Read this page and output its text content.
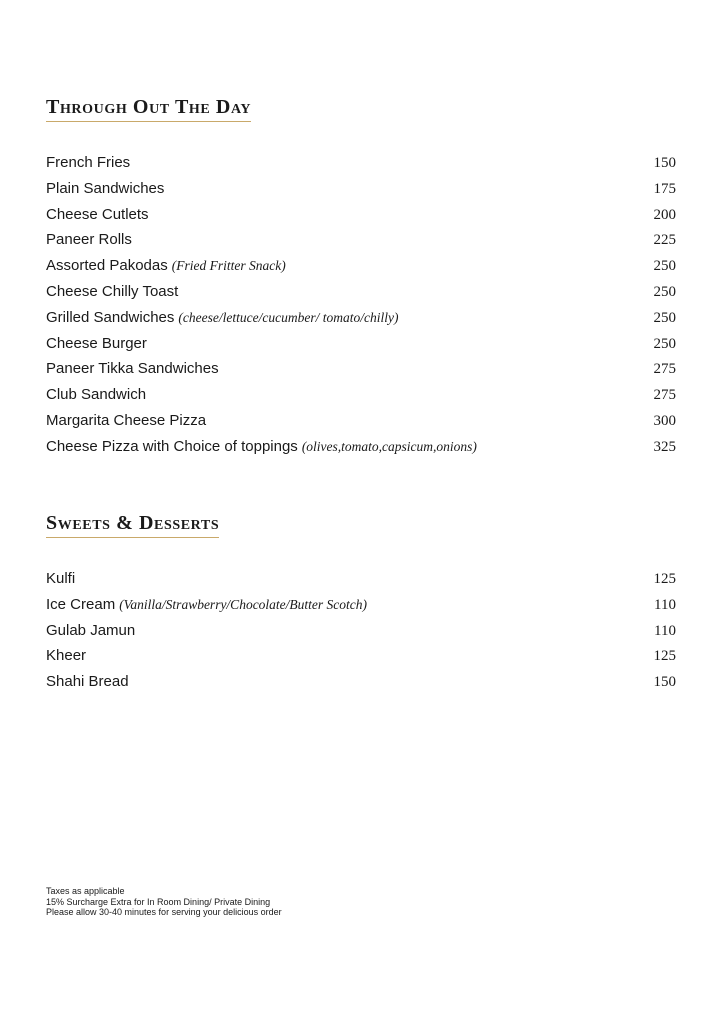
Through Out The Day
French Fries	150
Plain Sandwiches	175
Cheese Cutlets	200
Paneer Rolls	225
Assorted Pakodas (Fried Fritter Snack)	250
Cheese Chilly Toast	250
Grilled Sandwiches (cheese/lettuce/cucumber/ tomato/chilly)	250
Cheese Burger	250
Paneer Tikka Sandwiches	275
Club Sandwich	275
Margarita Cheese Pizza	300
Cheese Pizza with Choice of toppings (olives,tomato,capsicum,onions)	325
Sweets & Desserts
Kulfi	125
Ice Cream (Vanilla/Strawberry/Chocolate/Butter Scotch)	110
Gulab Jamun	110
Kheer	125
Shahi Bread	150
Taxes as applicable
15% Surcharge Extra for In Room Dining/ Private Dining
Please allow 30-40 minutes for serving your delicious order
